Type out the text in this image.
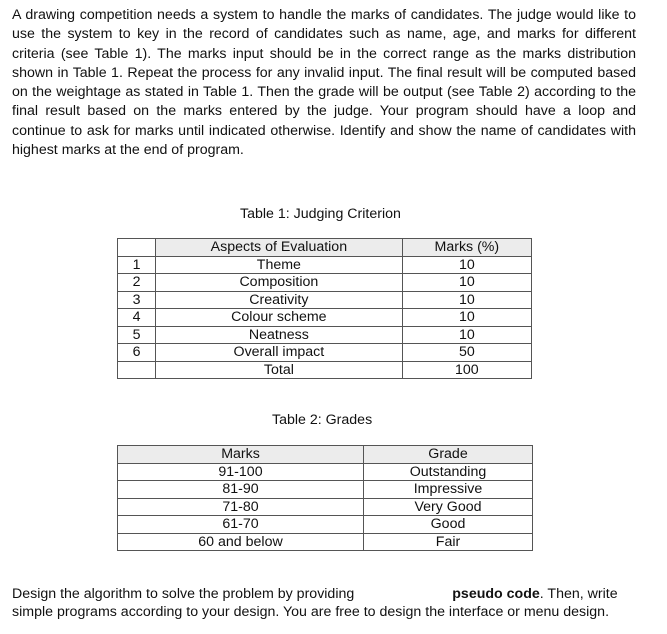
A drawing competition needs a system to handle the marks of candidates. The judge would like to use the system to key in the record of candidates such as name, age, and marks for different criteria (see Table 1). The marks input should be in the correct range as the marks distribution shown in Table 1. Repeat the process for any invalid input. The final result will be computed based on the weightage as stated in Table 1. Then the grade will be output (see Table 2) according to the final result based on the marks entered by the judge. Your program should have a loop and continue to ask for marks until indicated otherwise. Identify and show the name of candidates with highest marks at the end of program.

Table 1: Judging Criterion

	Aspects of Evaluation	Marks (%)
1	Theme	10
2	Composition	10
3	Creativity	10
4	Colour scheme	10
5	Neatness	10
6	Overall impact	50
	Total	100

Table 2: Grades

Marks	Grade
91-100	Outstanding
81-90	Impressive
71-80	Very Good
61-70	Good
60 and below	Fair

Design the algorithm to solve the problem by providing	pseudo code. Then, write simple programs according to your design. You are free to design the interface or menu design.
